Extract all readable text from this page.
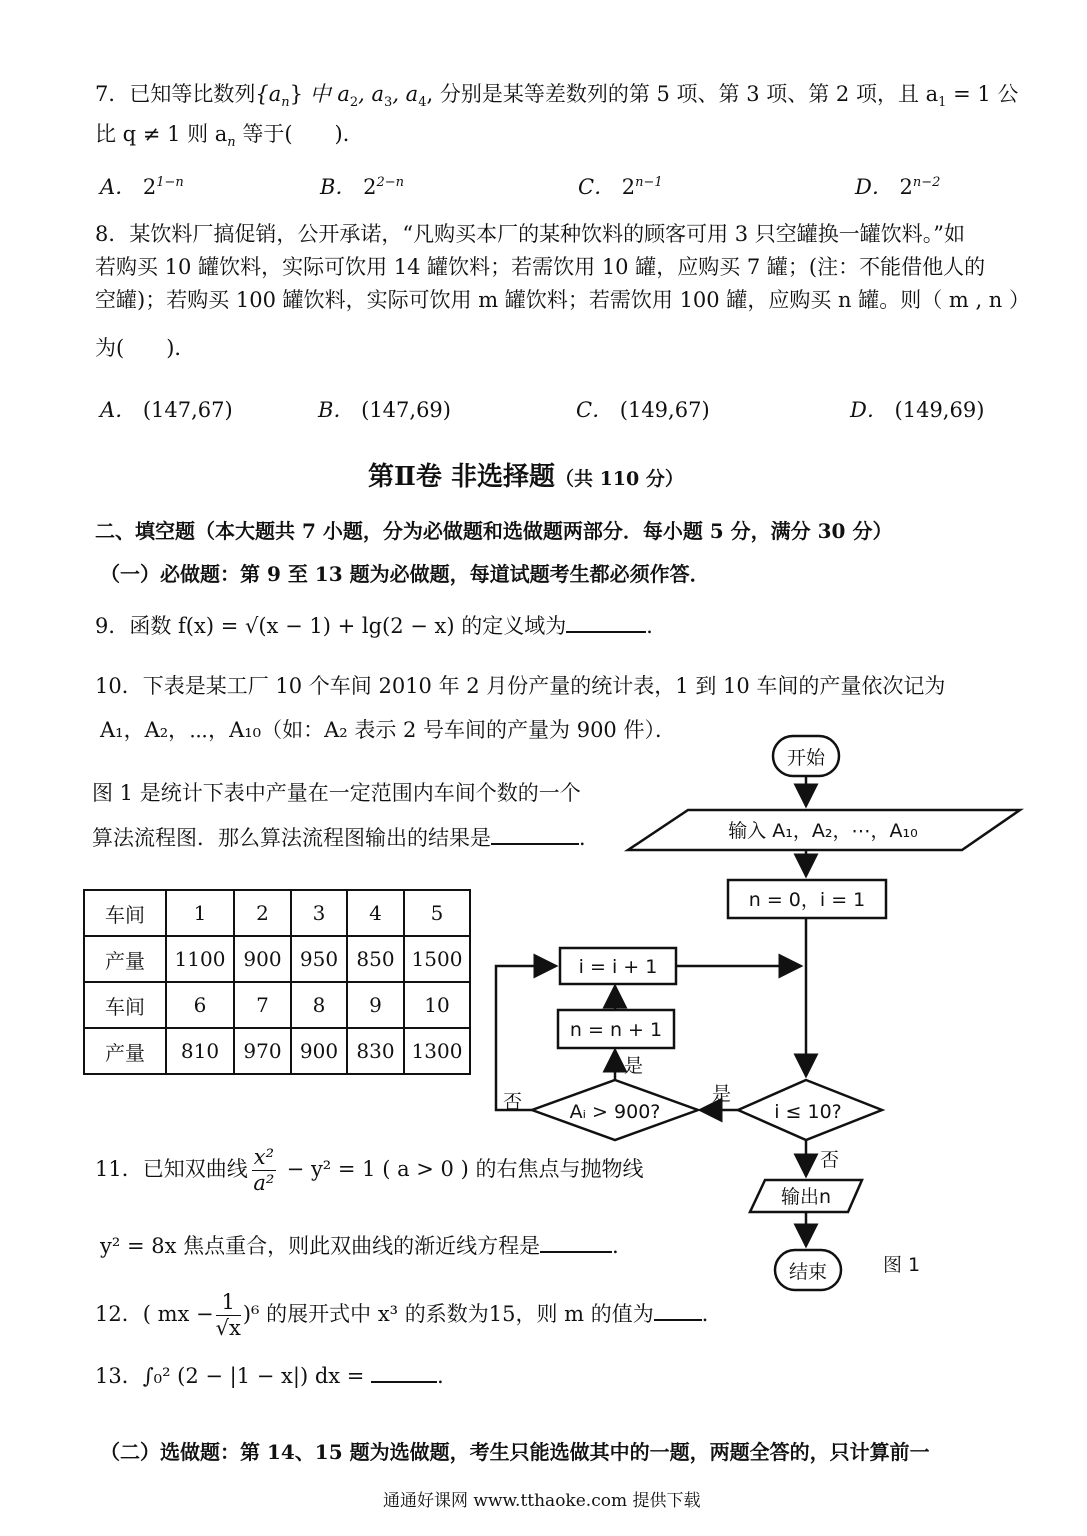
7．已知等比数列$\{a_n\}$ 中 $a_2$, $a_3$, $a_4$, 分别是某等差数列的第 5 项、第 3 项、第 2 项，且 $a_1 = 1$ 公
比 q ≠ 1 则 $a_n$ 等于(　　)．
A． $2^{1-n}$	B． $2^{2-n}$	C． $2^{n-1}$	D． $2^{n-2}$
8．某饮料厂搞促销，公开承诺，“凡购买本厂的某种饮料的顾客可用 3 只空罐换一罐饮料。”如
若购买 10 罐饮料，实际可饮用 14 罐饮料；若需饮用 10 罐，应购买 7 罐；(注：不能借他人的
空罐)；若购买 100 罐饮料，实际可饮用 m 罐饮料；若需饮用 100 罐，应购买 n 罐。则（ m , n ）
为(　　)．
A． (147,67)	B． (147,69)	C． (149,67)	D． (149,69)
第Ⅱ卷 非选择题（共 110 分）
二、填空题（本大题共 7 小题，分为必做题和选做题两部分．每小题 5 分，满分 30 分）
（一）必做题：第 9 至 13 题为必做题，每道试题考生都必须作答．
9．函数 f(x) = √(x − 1) + lg(2 − x) 的定义域为	．
10．下表是某工厂 10 个车间 2010 年 2 月份产量的统计表，1 到 10 车间的产量依次记为
A₁，A₂，⋯，A₁₀（如：A₂ 表示 2 号车间的产量为 900 件）．
图 1 是统计下表中产量在一定范围内车间个数的一个
算法流程图．那么算法流程图输出的结果是	．
车间	1	2	3	4	5
产量	1100	900	950	850	1500
车间	6	7	8	9	10
产量	810	970	900	830	1300
开始
输入 A₁，A₂，⋯，A₁₀
n = 0，i = 1
i = i + 1
n = n + 1
Aᵢ > 900?	i ≤ 10?
是
是
否
否
输出n
结束	图 1
11．已知双曲线 $\frac{\text{x²}}{\text{a²}} - y^2 = 1$ ( a > 0 ) 的右焦点与抛物线
y² = 8x 焦点重合，则此双曲线的渐近线方程是	．
12．( mx − $\frac{1}{√x} )^6$ 的展开式中 x³ 的系数为15，则 m 的值为 ．
13．∫₀² (2 − |1 − x|) dx =	．
（二）选做题：第 14、15 题为选做题，考生只能选做其中的一题，两题全答的，只计算前一
通通好课网 www.tthaoke.com 提供下载
